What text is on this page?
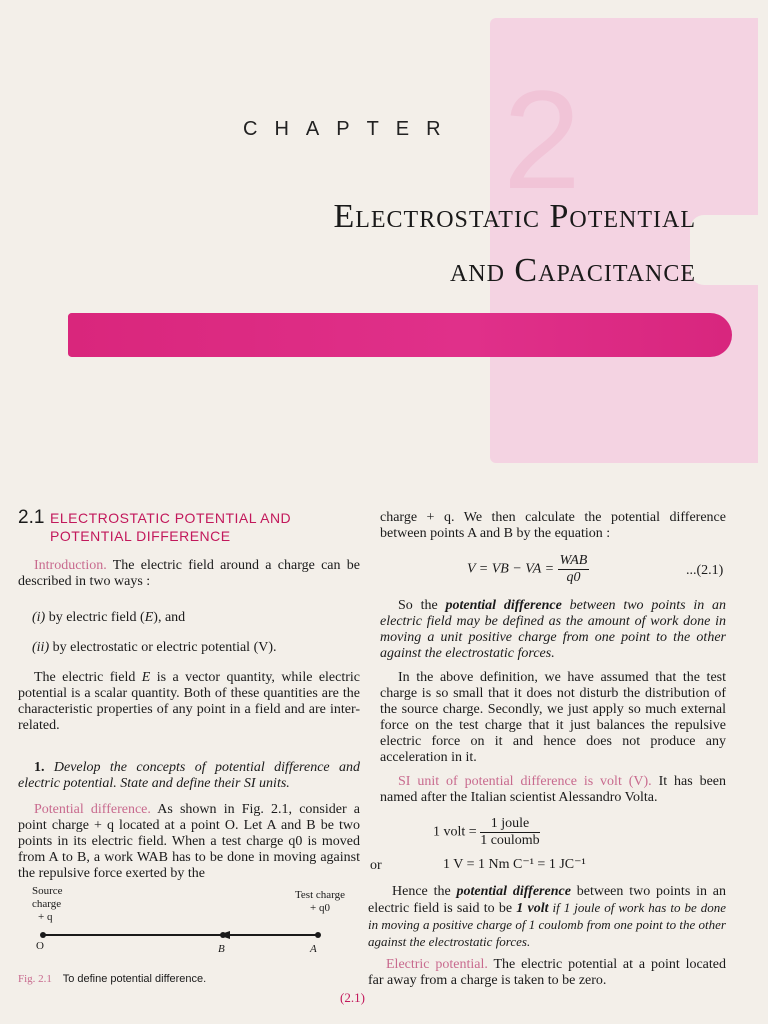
2
CHAPTER
Electrostatic Potential
and Capacitance
2.1 ELECTROSTATIC POTENTIAL AND POTENTIAL DIFFERENCE

Introduction. The electric field around a charge can be described in two ways :

(i) by electric field (E), and

(ii) by electrostatic or electric potential (V).

The electric field E is a vector quantity, while electric potential is a scalar quantity. Both of these quantities are the characteristic properties of any point in a field and are inter-related.

1. Develop the concepts of potential difference and electric potential. State and define their SI units.

Potential difference. As shown in Fig. 2.1, consider a point charge + q located at a point O. Let A and B be two points in its electric field. When a test charge q0 is moved from A to B, a work WAB has to be done in moving against the repulsive force exerted by the

Source charge
+ q
Test charge
+ q0
O	B	A
Fig. 2.1 To define potential difference.

charge + q. We then calculate the potential difference between points A and B by the equation :

V = VB − VA = $\frac{\text{WAB}}{q0}$	...(2.1)

So the potential difference between two points in an electric field may be defined as the amount of work done in moving a unit positive charge from one point to the other against the electrostatic forces.

In the above definition, we have assumed that the test charge is so small that it does not disturb the distribution of the source charge. Secondly, we just apply so much external force on the test charge that it just balances the repulsive electric force on it and hence does not produce any acceleration in it.

SI unit of potential difference is volt (V). It has been named after the Italian scientist Alessandro Volta.

1 volt = $\frac{\text{1 joule}}{\text{1 coulomb}}$
or	1 V = 1 Nm C⁻¹ = 1 JC⁻¹

Hence the potential difference between two points in an electric field is said to be 1 volt if 1 joule of work has to be done in moving a positive charge of 1 coulomb from one point to the other against the electrostatic forces.

Electric potential. The electric potential at a point located far away from a charge is taken to be zero.

(2.1)
